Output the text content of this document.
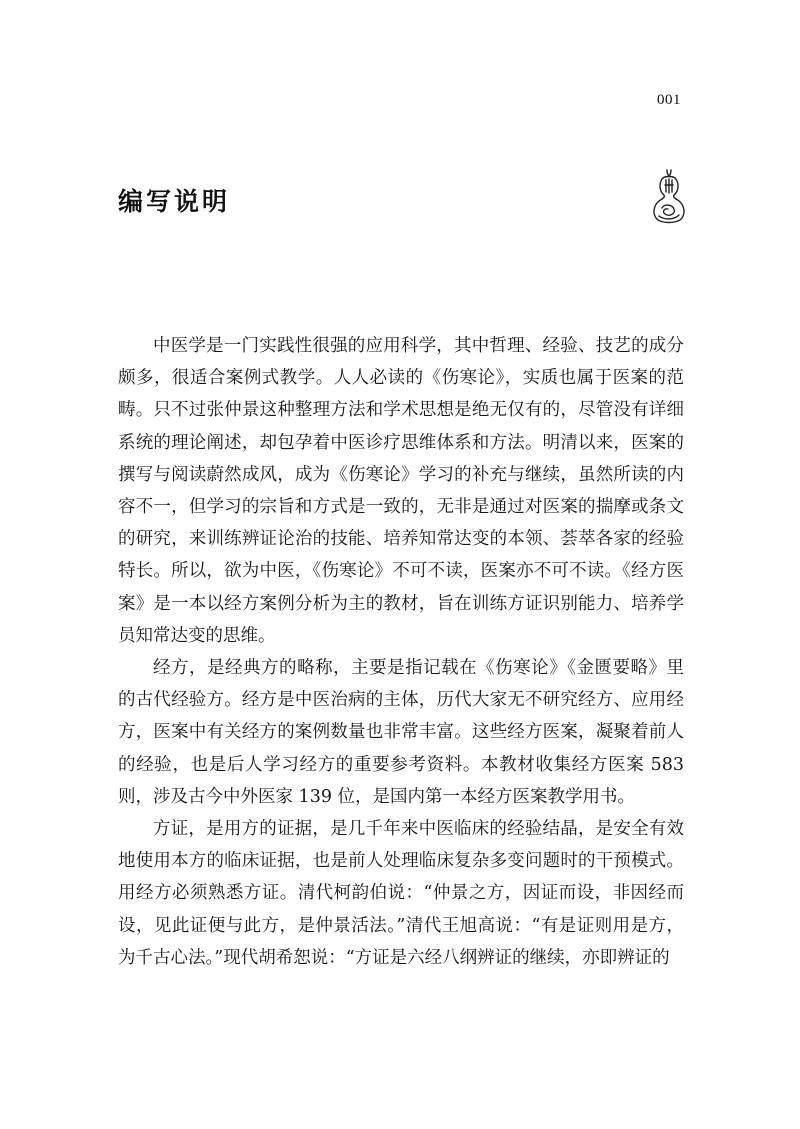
001
编写说明

中医学是一门实践性很强的应用科学，其中哲理、经验、技艺的成分颇多，很适合案例式教学。人人必读的《伤寒论》，实质也属于医案的范畴。只不过张仲景这种整理方法和学术思想是绝无仅有的，尽管没有详细系统的理论阐述，却包孕着中医诊疗思维体系和方法。明清以来，医案的撰写与阅读蔚然成风，成为《伤寒论》学习的补充与继续，虽然所读的内容不一，但学习的宗旨和方式是一致的，无非是通过对医案的揣摩或条文的研究，来训练辨证论治的技能、培养知常达变的本领、荟萃各家的经验特长。所以，欲为中医，《伤寒论》不可不读，医案亦不可不读。《经方医案》是一本以经方案例分析为主的教材，旨在训练方证识别能力、培养学员知常达变的思维。

经方，是经典方的略称，主要是指记载在《伤寒论》《金匮要略》里的古代经验方。经方是中医治病的主体，历代大家无不研究经方、应用经方，医案中有关经方的案例数量也非常丰富。这些经方医案，凝聚着前人的经验，也是后人学习经方的重要参考资料。本教材收集经方医案 583 则，涉及古今中外医家 139 位，是国内第一本经方医案教学用书。

方证，是用方的证据，是几千年来中医临床的经验结晶，是安全有效地使用本方的临床证据，也是前人处理临床复杂多变问题时的干预模式。用经方必须熟悉方证。清代柯韵伯说：“仲景之方，因证而设，非因经而设，见此证便与此方，是仲景活法。”清代王旭高说：“有是证则用是方，为千古心法。”现代胡希恕说：“方证是六经八纲辨证的继续，亦即辨证的
